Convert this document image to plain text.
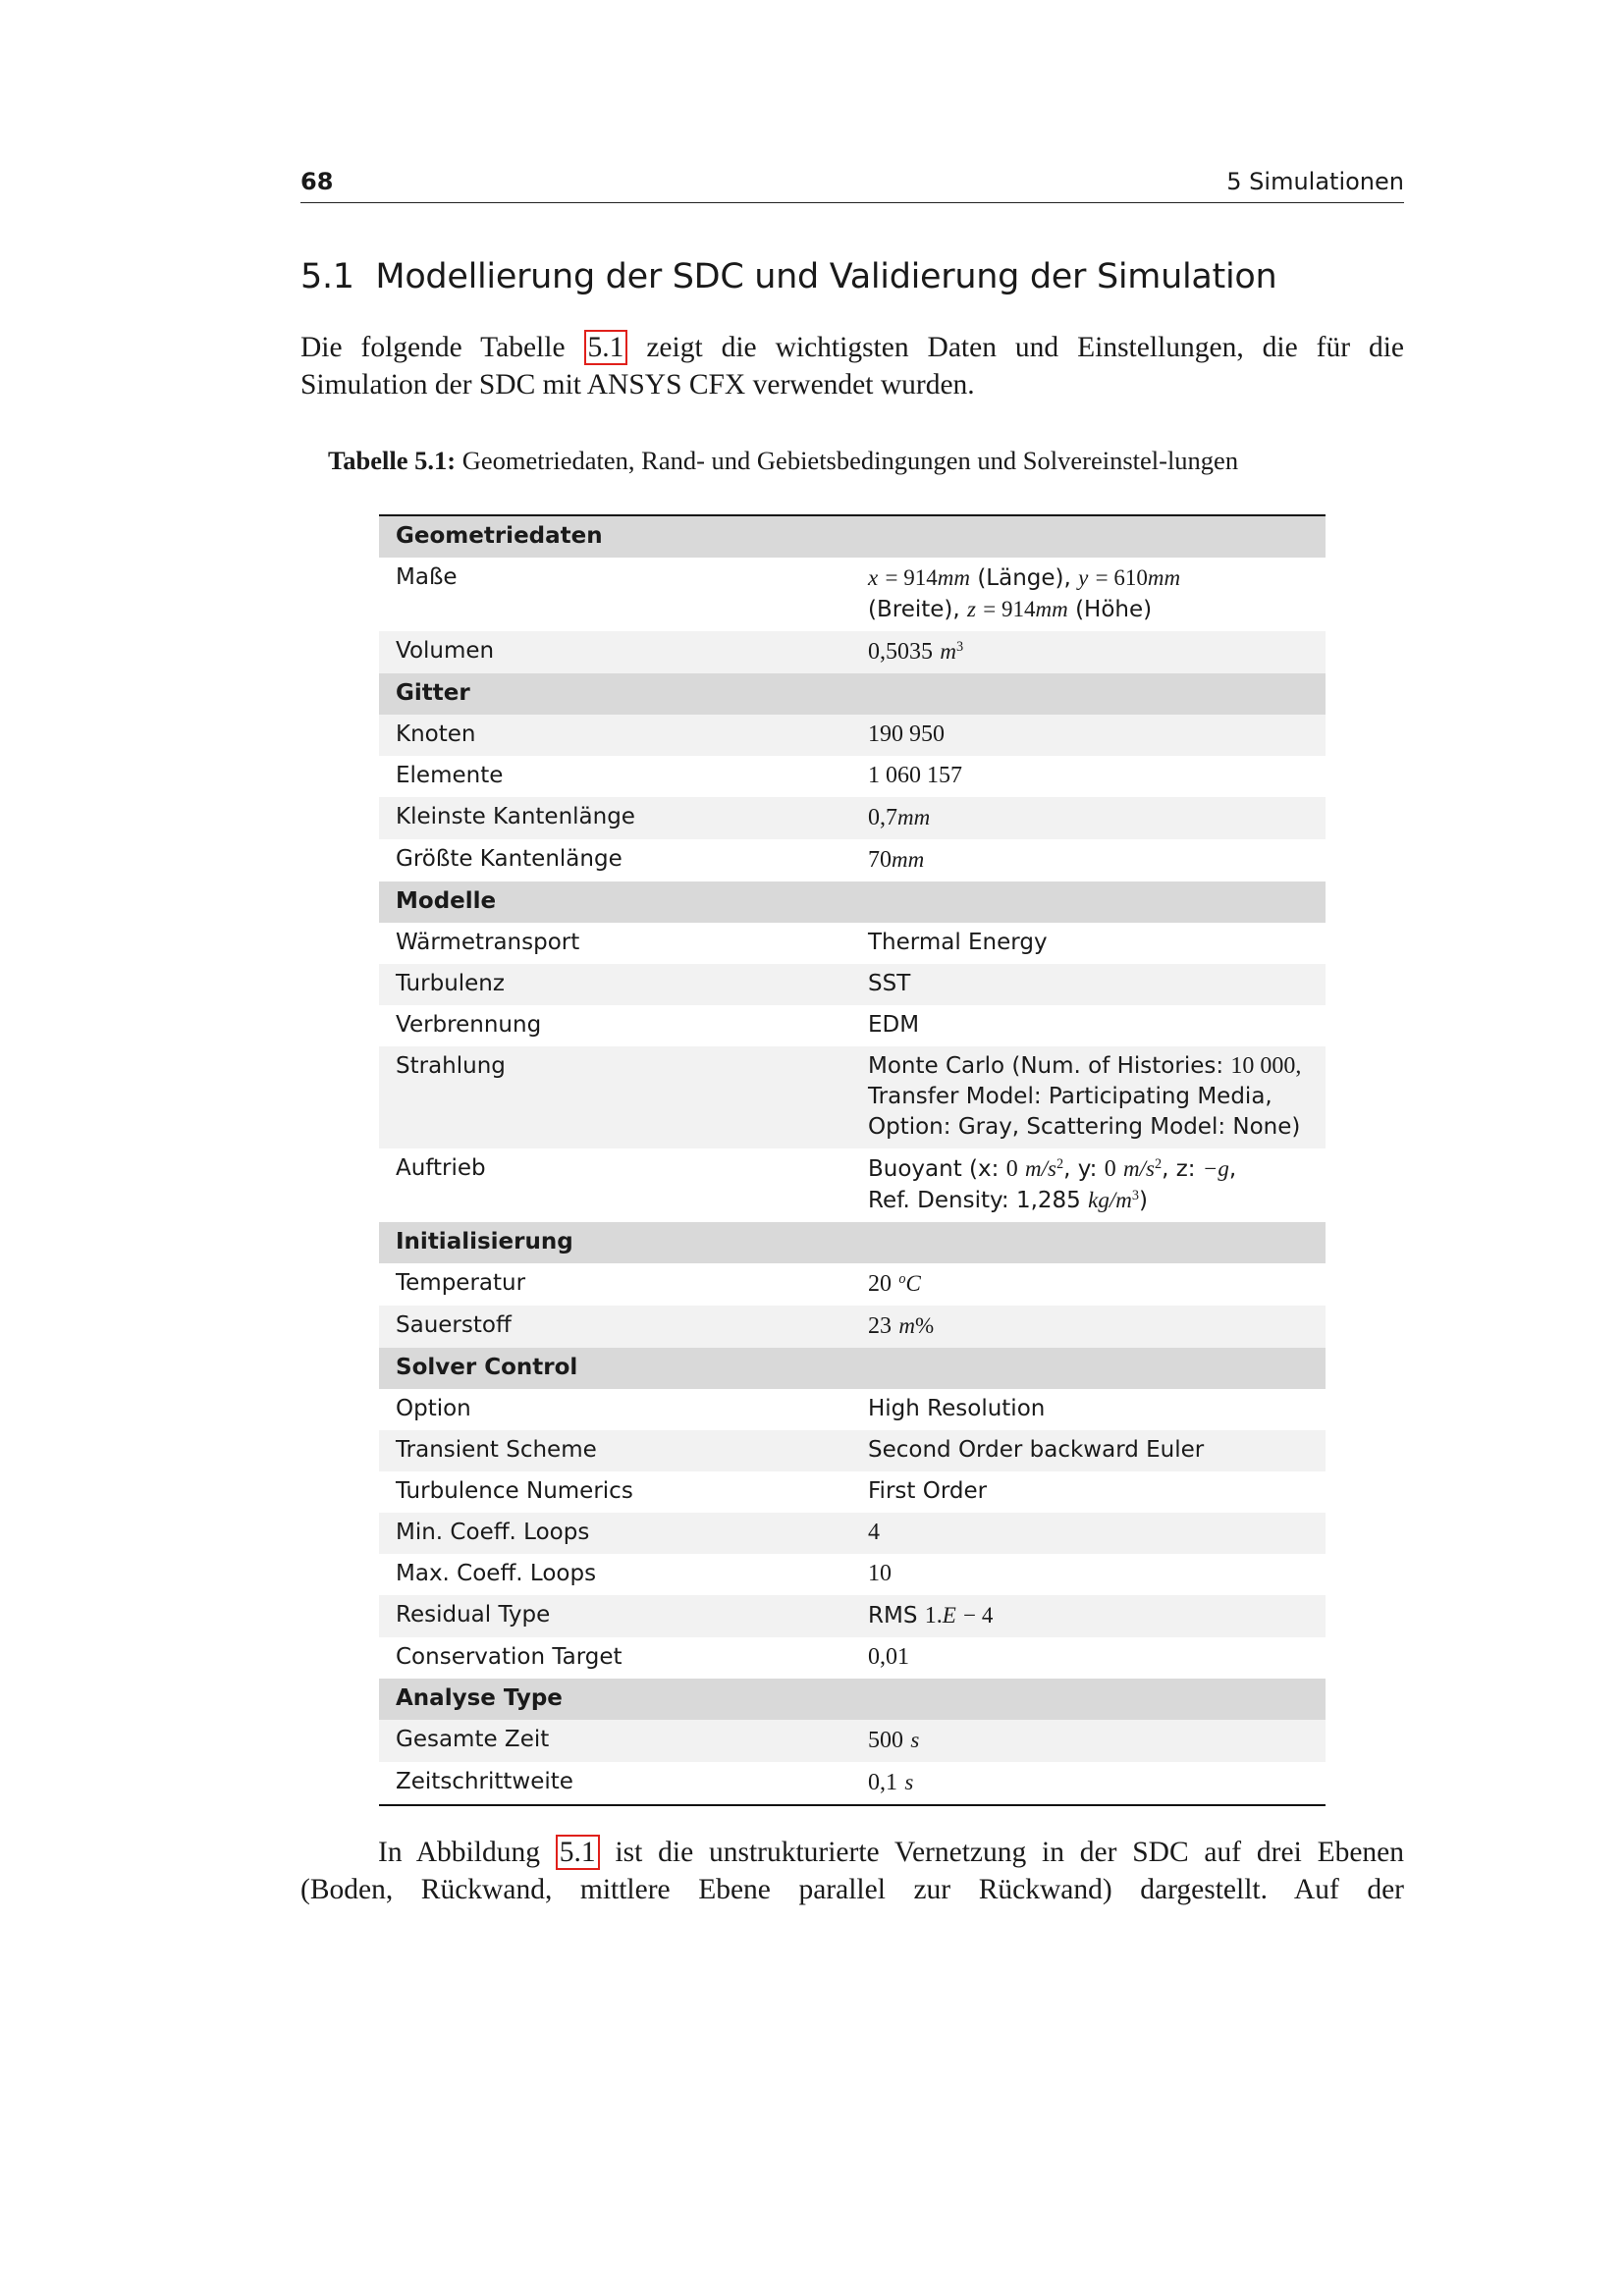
68	5 Simulationen
5.1 Modellierung der SDC und Validierung der Simulation
Die folgende Tabelle 5.1 zeigt die wichtigsten Daten und Einstellungen, die für die
Simulation der SDC mit ANSYS CFX verwendet wurden.
Tabelle 5.1: Geometriedaten, Rand- und Gebietsbedingungen und Solvereinstel-lungen
Geometriedaten	
Maße	x = 914mm (Länge), y = 610mm
(Breite), z = 914mm (Höhe)
Volumen	0,5035 $m^3$
Gitter	
Knoten	190 950
Elemente	1 060 157
Kleinste Kantenlänge	0,7mm
Größte Kantenlänge	70mm
Modelle	
Wärmetransport	Thermal Energy
Turbulenz	SST
Verbrennung	EDM
Strahlung	Monte Carlo (Num. of Histories: 10 000,
Transfer Model: Participating Media,
Option: Gray, Scattering Model: None)
Auftrieb	Buoyant (x: 0 $m/s^2$, y: 0 $m/s^2$, z: −g,
Ref. Density: 1,285 $kg/m^3$)
Initialisierung	
Temperatur	20 $^o$C
Sauerstoff	23 m%
Solver Control	
Option	High Resolution
Transient Scheme	Second Order backward Euler
Turbulence Numerics	First Order
Min. Coeff. Loops	4
Max. Coeff. Loops	10
Residual Type	RMS 1.E − 4
Conservation Target	0,01
Analyse Type	
Gesamte Zeit	500 s
Zeitschrittweite	0,1 s
In Abbildung 5.1 ist die unstrukturierte Vernetzung in der SDC auf drei Ebenen
(Boden, Rückwand, mittlere Ebene parallel zur Rückwand) dargestellt. Auf der
